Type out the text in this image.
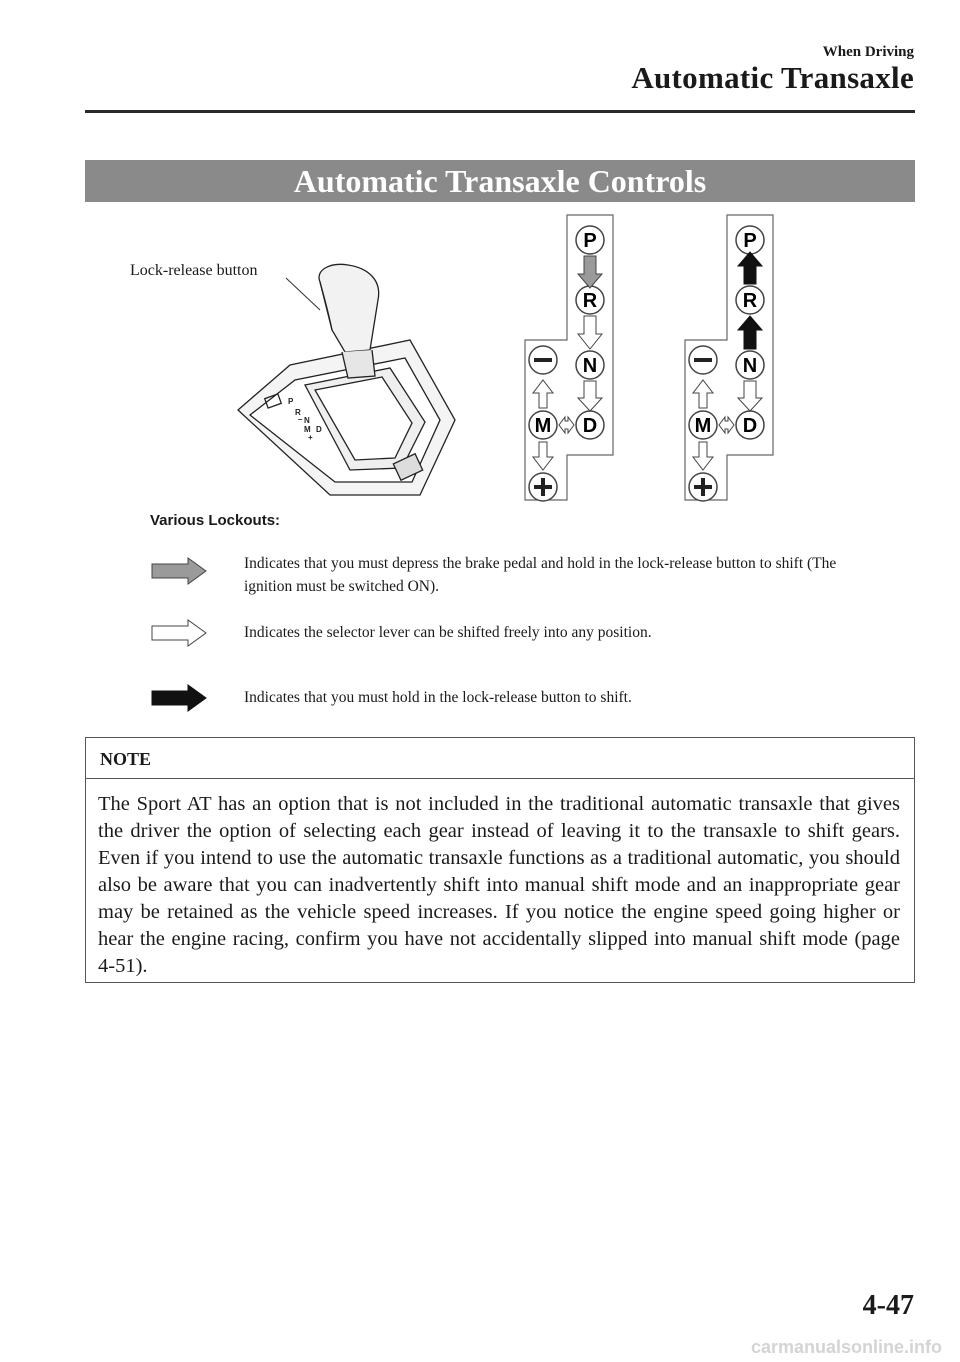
When Driving
Automatic Transaxle
Automatic Transaxle Controls
Lock-release button
P
R
N
D
M
+
–
P
R
N
D
M
P
R
N
D
M
Various Lockouts:
Indicates that you must depress the brake pedal and hold in the lock-release button to shift (The ignition must be switched ON).
Indicates the selector lever can be shifted freely into any position.
Indicates that you must hold in the lock-release button to shift.
NOTE
The Sport AT has an option that is not included in the traditional automatic transaxle that gives the driver the option of selecting each gear instead of leaving it to the transaxle to shift gears. Even if you intend to use the automatic transaxle functions as a traditional automatic, you should also be aware that you can inadvertently shift into manual shift mode and an inappropriate gear may be retained as the vehicle speed increases. If you notice the engine speed going higher or hear the engine racing, confirm you have not accidentally slipped into manual shift mode (page 4-51).
4-47
carmanualsonline.info
